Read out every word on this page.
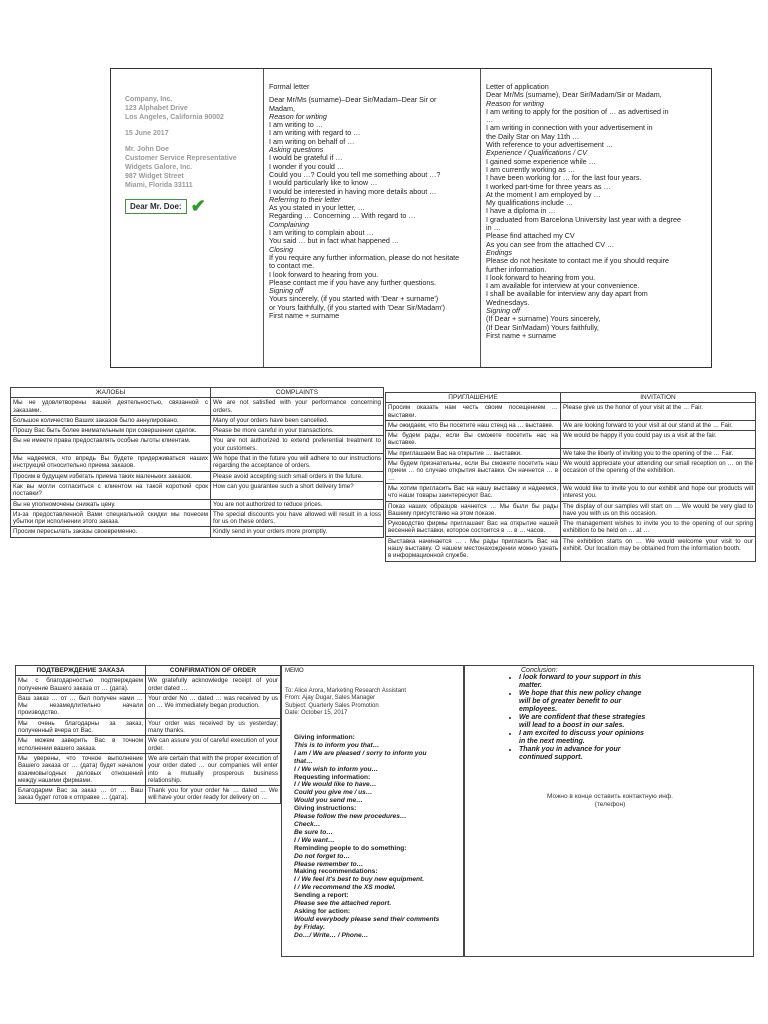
Company, Inc.
123 Alphabet Drive
Los Angeles, California 90002
15 June 2017
Mr. John Doe
Customer Service Representative
Widgets Galore, Inc.
987 Widget Street
Miami, Florida 33111
Dear Mr. Doe: ✔
Formal letter
Dear Mr/Ms (surname)–Dear Sir/Madam–Dear Sir or
Madam,
Reason for writing
I am writing to …
I am writing with regard to …
I am writing on behalf of …
Asking questions
I would be grateful if …
I wonder if you could …
Could you …? Could you tell me something about …?
I would particularly like to know …
I would be interested in having more details about …
Referring to their letter
As you stated in your letter, …
Regarding … Concerning … With regard to …
Complaining
I am writing to complain about …
You said … but in fact what happened …
Closing
If you require any further information, please do not hesitate
to contact me.
I look forward to hearing from you.
Please contact me if you have any further questions.
Signing off
Yours sincerely, (if you started with 'Dear + surname')
or Yours faithfully, (if you started with 'Dear Sir/Madam')
First name + surname
Letter of application
Dear Mr/Ms (surname), Dear Sir/Madam/Sir or Madam,
Reason for writing
I am writing to apply for the position of … as advertised in
…
I am writing in connection with your advertisement in
the Daily Star on May 11th …
With reference to your advertisement …
Experience / Qualifications / CV
I gained some experience while …
I am currently working as …
I have been working for … for the last four years.
I worked part-time for three years as …
At the moment I am employed by …
My qualifications include …
I have a diploma in …
I graduated from Barcelona University last year with a degree
in …
Please find attached my CV
As you can see from the attached CV …
Endings
Please do not hesitate to contact me if you should require
further information.
I look forward to hearing from you.
I am available for interview at your convenience.
I shall be available for interview any day apart from
Wednesdays.
Signing off
(If Dear + surname) Yours sincerely,
(If Dear Sir/Madam) Yours faithfully,
First name + surname
ЖАЛОБЫ	COMPLAINTS
Мы не удовлетворены вашей деятельностью, связанной с заказами.	We are not satisfied with your performance concerning orders.
Большое количество Ваших заказов было аннулировано.	Many of your orders have been cancelled.
Прошу Вас быть более внимательным при совершении сделок.	Please be more careful in your transactions.
Вы не имеете права предоставлять особые льготы клиентам.	You are not authorized to extend preferential treatment to your customers.
Мы надеемся, что впредь Вы будете придерживаться наших инструкций относительно приема заказов.	We hope that in the future you will adhere to our instructions regarding the acceptance of orders.
Просим в будущем избегать приема таких маленьких заказов.	Please avoid accepting such small orders in the future.
Как вы могли согласиться с клиентом на такой короткий срок поставки?	How can you guarantee such a short delivery time?
Вы не уполномочены снижать цену.	You are not authorized to reduce prices.
Из-за предоставленной Вами специальной скидки мы понесем убытки при исполнении этого заказа.	The special discounts you have allowed will result in a loss for us on these orders.
Просим пересылать заказы своевременно.	Kindly send in your orders more promptly.
ПРИГЛАШЕНИЕ	INVITATION
Просим оказать нам честь своим посещением … выставки.	Please give us the honor of your visit at the … Fair.
Мы ожидаем, что Вы посетите наш стенд на … выставке.	We are looking forward to your visit at our stand at the … Fair.
Мы будем рады, если Вы сможете посетить нас на выставке.	We would be happy if you could pay us a visit at the fair.
Мы приглашаем Вас на открытие … выставки.	We take the liberty of inviting you to the opening of the … Fair.
Мы будем признательны, если Вы сможете посетить наш прием … по случаю открытия выставки. Он начнется … в …	We would appreciate your attending our small reception on … on the occasion of the opening of the exhibition.
Мы хотим пригласить Вас на нашу выставку и надеемся, что наши товары заинтересуют Вас.	We would like to invite you to our exhibit and hope our products will interest you.
Показ наших образцов начнется … Мы были бы рады Вашему присутствию на этом показе.	The display of our samples will start on … We would be very glad to have you with us on this occasion.
Руководство фирмы приглашает Вас на открытие нашей весенней выставки, которое состоится в … в … часов.	The management wishes to invite you to the opening of our spring exhibition to be held on … at …
Выставка начинается … . Мы рады пригласить Вас на нашу выставку. О нашем местонахождении можно узнать в информационной службе.	The exhibition starts on … We would welcome your visit to our exhibit. Our location may be obtained from the information booth.
ПОДТВЕРЖДЕНИЕ ЗАКАЗА	CONFIRMATION OF ORDER
Мы с благодарностью подтверждаем получение Вашего заказа от … (дата).	We gratefully acknowledge receipt of your order dated …
Ваш заказ … от … был получен нами … Мы незамедлительно начали производство.	Your order No … dated … was received by us on … We immediately began production.
Мы очень благодарны за заказ, полученный вчера от Вас.	Your order was received by us yesterday; many thanks.
Мы можем заверить Вас в точном исполнении вашего заказа.	We can assure you of careful execution of your order.
Мы уверены, что точное выполнение Вашего заказа от … (дата) будет началом взаимовыгодных деловых отношений между нашими фирмами.	We are certain that with the proper execution of your order dated … our companies will enter into a mutually prosperous business relationship.
Благодарим Вас за заказ … от … Ваш заказ будет готов к отправке … (дата).	Thank you for your order № … dated … We will have your order ready for delivery on …
MEMO
To: Alice Arora, Marketing Research Assistant
From: Ajay Dugar, Sales Manager
Subject: Quarterly Sales Promotion
Date: October 15, 2017
Giving information:
This is to inform you that…
I am / We are pleased / sorry to inform you
that…
I / We wish to inform you…
Requesting information:
I / We would like to have…
Could you give me / us…
Would you send me…
Giving instructions:
Please follow the new procedures…
Check…
Be sure to…
I / We want…
Reminding people to do something:
Do not forget to…
Please remember to…
Making recommendations:
I / We feel it's best to buy new equipment.
I / We recommend the XS model.
Sending a report:
Please see the attached report.
Asking for action:
Would everybody please send their comments
by Friday.
Do…/ Write… / Phone…
Conclusion:
• I look forward to your support in this matter.
• We hope that this new policy change will be of greater benefit to our employees.
• We are confident that these strategies will lead to a boost in our sales.
• I am excited to discuss your opinions in the next meeting.
• Thank you in advance for your continued support.
Можно в конце оставить контактную инф.
(телефон)
